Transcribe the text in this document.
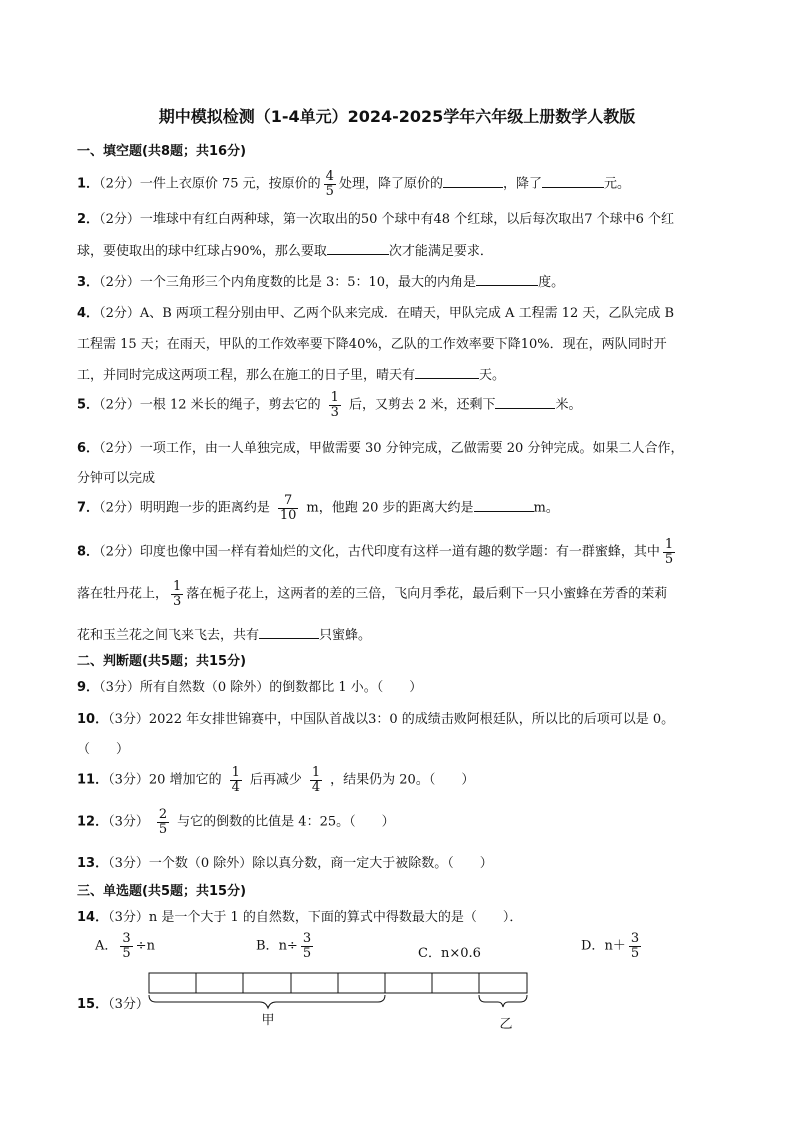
期中模拟检测（1-4单元）2024-2025学年六年级上册数学人教版
一、填空题(共8题；共16分)
1．（2分）一件上衣原价 75 元，按原价的 $\frac{4}{5}$ 处理，降了原价的	，降了	元。
2．（2分）一堆球中有红白两种球，第一次取出的50 个球中有48 个红球，以后每次取出7 个球中6 个红
球，要使取出的球中红球占90%，那么要取	次才能满足要求．
3．（2分）一个三角形三个内角度数的比是 3：5：10，最大的内角是	度。
4．（2分）A、B 两项工程分别由甲、乙两个队来完成．在晴天，甲队完成 A 工程需 12 天，乙队完成 B
工程需 15 天；在雨天，甲队的工作效率要下降40%，乙队的工作效率要下降10%．现在，两队同时开
工，并同时完成这两项工程，那么在施工的日子里，晴天有	天。
5．（2分）一根 12 米长的绳子，剪去它的 $\frac{1}{3}$ 后，又剪去 2 米，还剩下	米。
6．（2分）一项工作，由一人单独完成，甲做需要 30 分钟完成，乙做需要 20 分钟完成。如果二人合作，
分钟可以完成
7．（2分）明明跑一步的距离约是 $\frac{7}{10}$ m，他跑 20 步的距离大约是	m。
8．（2分）印度也像中国一样有着灿烂的文化，古代印度有这样一道有趣的数学题：有一群蜜蜂，其中 $\frac{1}{5}$
落在牡丹花上， $\frac{1}{3}$ 落在栀子花上，这两者的差的三倍，飞向月季花，最后剩下一只小蜜蜂在芳香的茉莉
花和玉兰花之间飞来飞去，共有	只蜜蜂。
二、判断题(共5题；共15分)
9．（3分）所有自然数（0 除外）的倒数都比 1 小。（　　）
10．（3分）2022 年女排世锦赛中，中国队首战以3：0 的成绩击败阿根廷队，所以比的后项可以是 0。
（　　）
11．（3分）20 增加它的 $\frac{1}{4}$ 后再减少 $\frac{1}{4}$ ，结果仍为 20。（　　）
12．（3分） $\frac{2}{5}$ 与它的倒数的比值是 4：25。（　　）
13．（3分）一个数（0 除外）除以真分数，商一定大于被除数。（　　）
三、单选题(共5题；共15分)
14．（3分）n 是一个大于 1 的自然数，下面的算式中得数最大的是（　　）．
A． $\frac{3}{5} \div n$	B．$n\div \frac{3}{5}$	C．n×0.6	D．$n+ \frac{3}{5}$
15．（3分）
甲	乙
